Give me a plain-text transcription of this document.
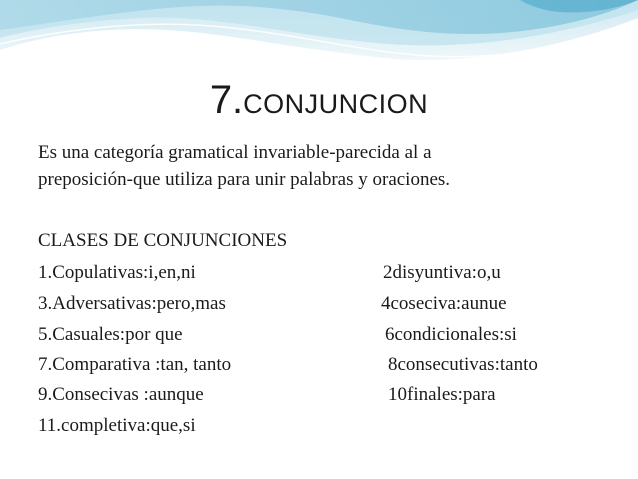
7.CONJUNCION
Es una categoría gramatical invariable-parecida al a
preposición-que utiliza para unir palabras y oraciones.
CLASES DE CONJUNCIONES
1.Copulativas:i,en,ni	2disyuntiva:o,u
3.Adversativas:pero,mas	4coseciva:aunue
5.Casuales:por que	6condicionales:si
7.Comparativa :tan, tanto	8consecutivas:tanto
9.Consecivas :aunque	10finales:para
11.completiva:que,si
